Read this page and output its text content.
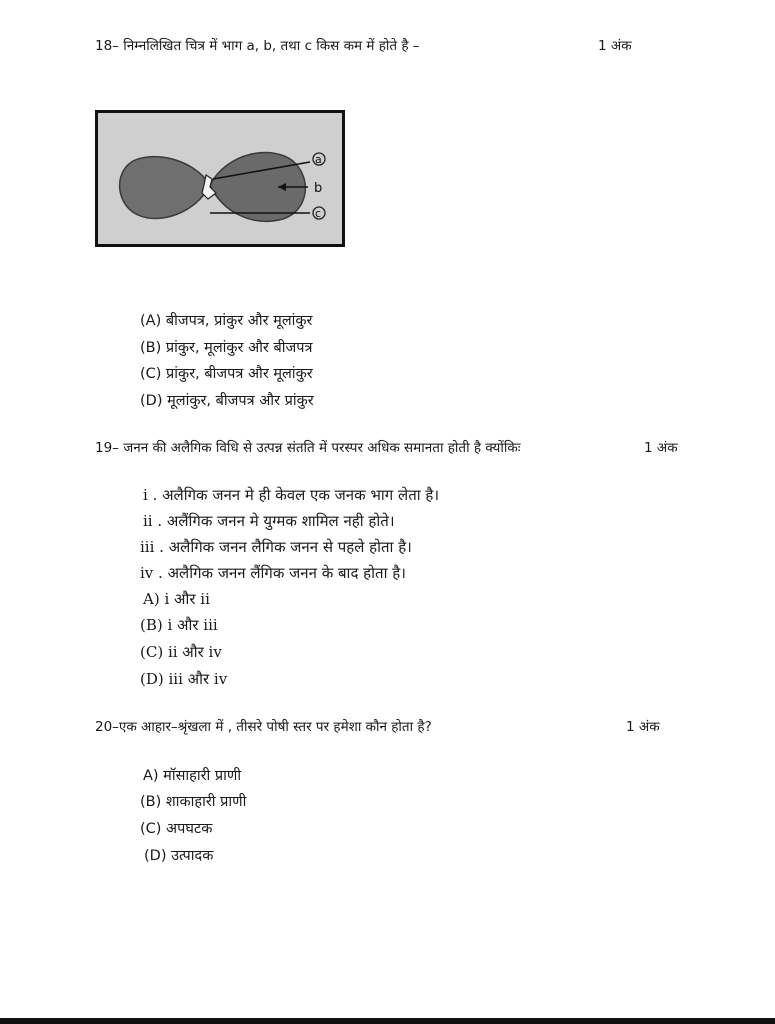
18– निम्नलिखित चित्र में भाग a, b, तथा c किस कम में होते है –	1 अंक
a
b
c
(A) बीजपत्र, प्रांकुर और मूलांकुर
(B) प्रांकुर, मूलांकुर और बीजपत्र
(C) प्रांकुर, बीजपत्र और मूलांकुर
(D) मूलांकुर, बीजपत्र और प्रांकुर
19– जनन की अलैगिक विधि से उत्पन्न संतति में परस्पर अधिक समानता होती है क्योंकिः	1 अंक
i . अलैगिक जनन मे ही केवल एक जनक भाग लेता है।
ii . अलैंगिक जनन मे युग्मक शामिल नही होते।
iii . अलैगिक जनन लैगिक जनन से पहले होता है।
iv . अलैगिक जनन लैंगिक जनन के बाद होता है।
A) i और ii
(B) i और iii
(C) ii और iv
(D) iii और iv
20–एक आहार–श्रृंखला में , तीसरे पोषी स्तर पर हमेशा कौन होता है?	1 अंक
A) मॉसाहारी प्राणी
(B) शाकाहारी प्राणी
(C) अपघटक
(D) उत्पादक
